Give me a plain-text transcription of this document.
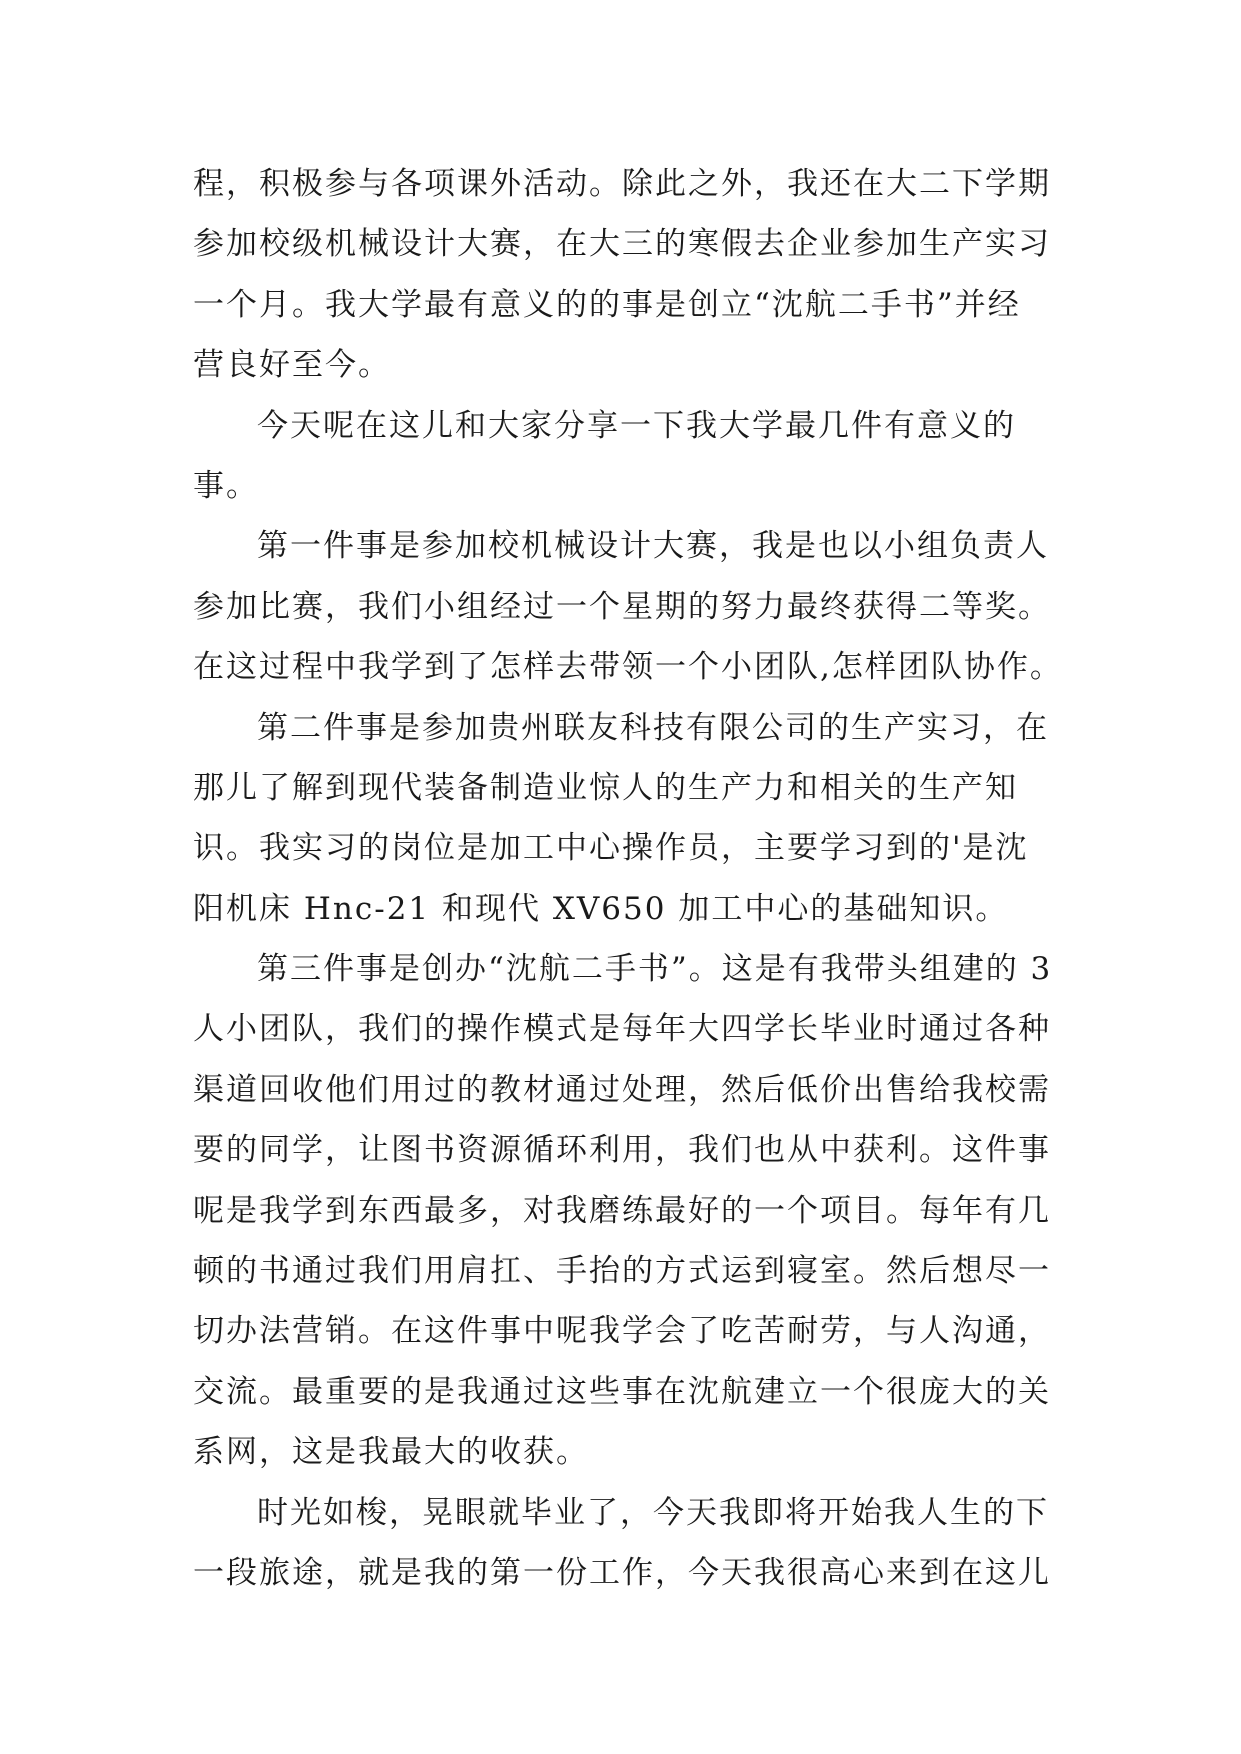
程，积极参与各项课外活动。除此之外，我还在大二下学期
参加校级机械设计大赛，在大三的寒假去企业参加生产实习
一个月。我大学最有意义的的事是创立“沈航二手书”并经
营良好至今。
今天呢在这儿和大家分享一下我大学最几件有意义的
事。
第一件事是参加校机械设计大赛，我是也以小组负责人
参加比赛，我们小组经过一个星期的努力最终获得二等奖。
在这过程中我学到了怎样去带领一个小团队,怎样团队协作。
第二件事是参加贵州联友科技有限公司的生产实习，在
那儿了解到现代装备制造业惊人的生产力和相关的生产知
识。我实习的岗位是加工中心操作员，主要学习到的'是沈
阳机床 Hnc-21 和现代 XV650 加工中心的基础知识。
第三件事是创办“沈航二手书”。这是有我带头组建的 3
人小团队，我们的操作模式是每年大四学长毕业时通过各种
渠道回收他们用过的教材通过处理，然后低价出售给我校需
要的同学，让图书资源循环利用，我们也从中获利。这件事
呢是我学到东西最多，对我磨练最好的一个项目。每年有几
顿的书通过我们用肩扛、手抬的方式运到寝室。然后想尽一
切办法营销。在这件事中呢我学会了吃苦耐劳，与人沟通，
交流。最重要的是我通过这些事在沈航建立一个很庞大的关
系网，这是我最大的收获。
时光如梭，晃眼就毕业了，今天我即将开始我人生的下
一段旅途，就是我的第一份工作，今天我很高心来到在这儿
